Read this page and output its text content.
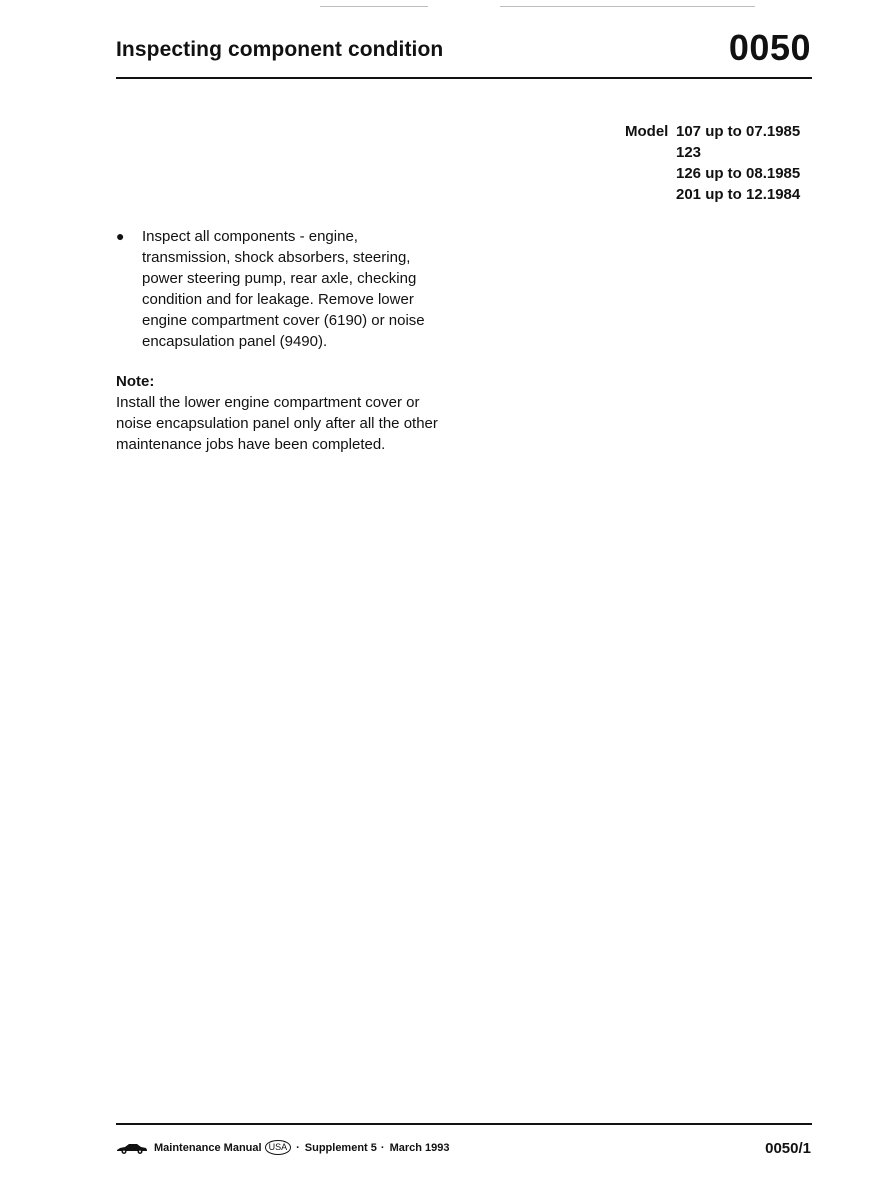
Inspecting component condition	0050
Model 107 up to 07.1985
123
126 up to 08.1985
201 up to 12.1984
●	Inspect all components - engine,
transmission, shock absorbers, steering,
power steering pump, rear axle, checking
condition and for leakage. Remove lower
engine compartment cover (6190) or noise
encapsulation panel (9490).
Note:
Install the lower engine compartment cover or
noise encapsulation panel only after all the other
maintenance jobs have been completed.
Maintenance Manual USA · Supplement 5 · March 1993	0050/1
